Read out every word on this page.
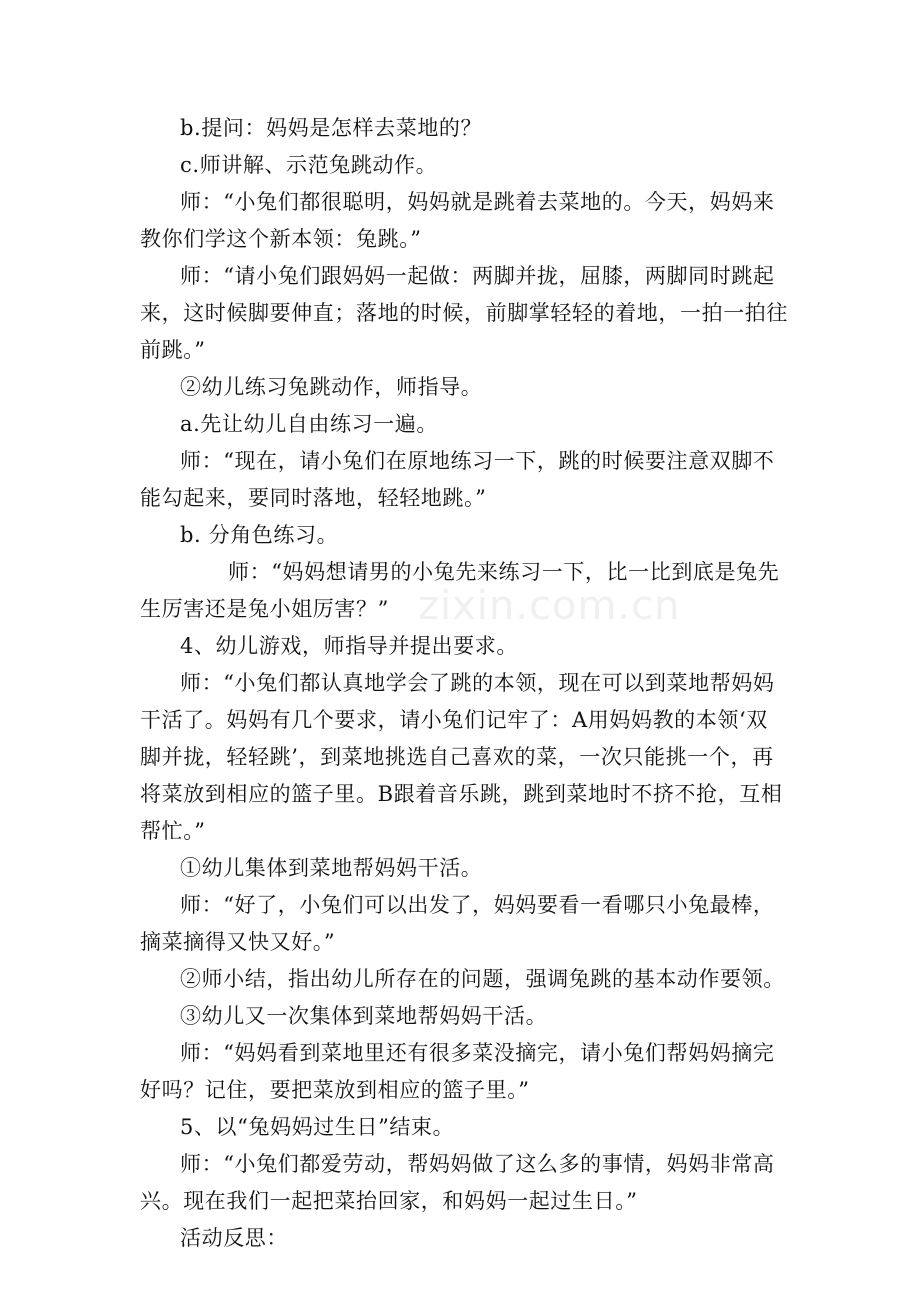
zixin.com.cn
b.提问：妈妈是怎样去菜地的？
c.师讲解、示范兔跳动作。
师：“小兔们都很聪明，妈妈就是跳着去菜地的。今天，妈妈来
教你们学这个新本领：兔跳。”
师：“请小兔们跟妈妈一起做：两脚并拢，屈膝，两脚同时跳起
来，这时候脚要伸直；落地的时候，前脚掌轻轻的着地，一拍一拍往
前跳。”
②幼儿练习兔跳动作，师指导。
a.先让幼儿自由练习一遍。
师：“现在，请小兔们在原地练习一下，跳的时候要注意双脚不
能勾起来，要同时落地，轻轻地跳。”
b. 分角色练习。
师：“妈妈想请男的小兔先来练习一下，比一比到底是兔先
生厉害还是兔小姐厉害？”
4、幼儿游戏，师指导并提出要求。
师：“小兔们都认真地学会了跳的本领，现在可以到菜地帮妈妈
干活了。妈妈有几个要求，请小兔们记牢了：A用妈妈教的本领‘双
脚并拢，轻轻跳’，到菜地挑选自己喜欢的菜，一次只能挑一个，再
将菜放到相应的篮子里。B跟着音乐跳，跳到菜地时不挤不抢，互相
帮忙。”
①幼儿集体到菜地帮妈妈干活。
师：“好了，小兔们可以出发了，妈妈要看一看哪只小兔最棒，
摘菜摘得又快又好。”
②师小结，指出幼儿所存在的问题，强调兔跳的基本动作要领。
③幼儿又一次集体到菜地帮妈妈干活。
师：“妈妈看到菜地里还有很多菜没摘完，请小兔们帮妈妈摘完
好吗？记住，要把菜放到相应的篮子里。”
5、以“兔妈妈过生日”结束。
师：“小兔们都爱劳动，帮妈妈做了这么多的事情，妈妈非常高
兴。现在我们一起把菜抬回家，和妈妈一起过生日。”
活动反思：
